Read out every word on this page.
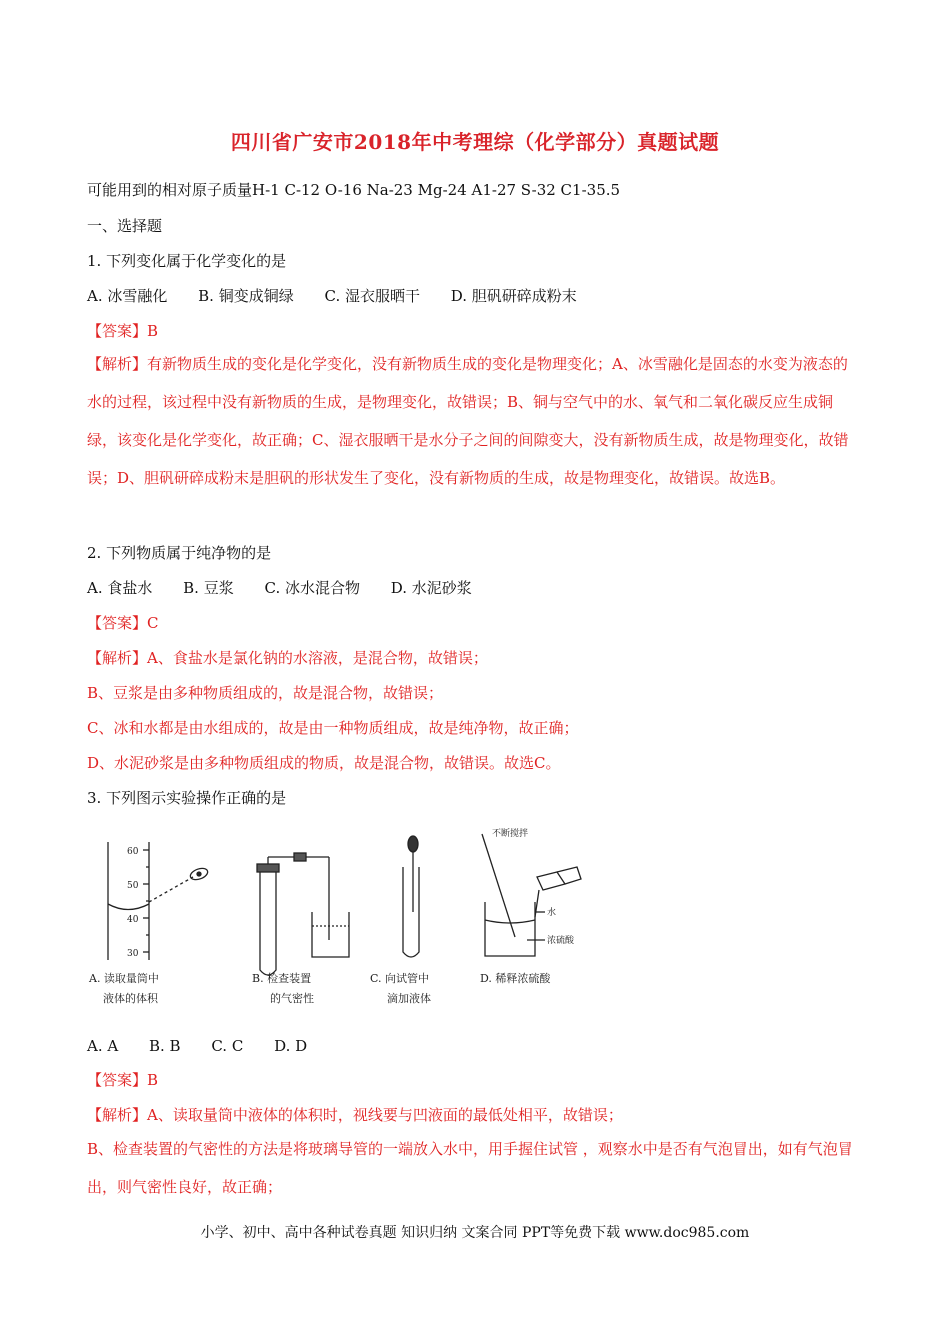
四川省广安市2018年中考理综（化学部分）真题试题
可能用到的相对原子质量H-1 C-12 O-16 Na-23 Mg-24 A1-27 S-32 C1-35.5
一、选择题
1. 下列变化属于化学变化的是
A. 冰雪融化 B. 铜变成铜绿 C. 湿衣服晒干 D. 胆矾研碎成粉末
【答案】B
【解析】有新物质生成的变化是化学变化，没有新物质生成的变化是物理变化；A、冰雪融化是固态的水变为液态的水的过程，该过程中没有新物质的生成，是物理变化，故错误；B、铜与空气中的水、氧气和二氧化碳反应生成铜绿，该变化是化学变化，故正确；C、湿衣服晒干是水分子之间的间隙变大，没有新物质生成，故是物理变化，故错误；D、胆矾研碎成粉末是胆矾的形状发生了变化，没有新物质的生成，故是物理变化，故错误。故选B。
2. 下列物质属于纯净物的是
A. 食盐水 B. 豆浆 C. 冰水混合物 D. 水泥砂浆
【答案】C
【解析】A、食盐水是氯化钠的水溶液，是混合物，故错误；
B、豆浆是由多种物质组成的，故是混合物，故错误；
C、冰和水都是由水组成的，故是由一种物质组成，故是纯净物，故正确；
D、水泥砂浆是由多种物质组成的物质，故是混合物，故错误。故选C。
3. 下列图示实验操作正确的是
60
50
40
30
不断搅拌
水
浓硫酸
A. 读取量筒中
液体的体积
B. 检查装置
的气密性
C. 向试管中
滴加液体
D. 稀释浓硫酸
A. A B. B C. C D. D
【答案】B
【解析】A、读取量筒中液体的体积时，视线要与凹液面的最低处相平，故错误；
B、检查装置的气密性的方法是将玻璃导管的一端放入水中，用手握住试管 ，观察水中是否有气泡冒出，如有气泡冒出，则气密性良好，故正确；
小学、初中、高中各种试卷真题 知识归纳 文案合同 PPT等免费下载 www.doc985.com
